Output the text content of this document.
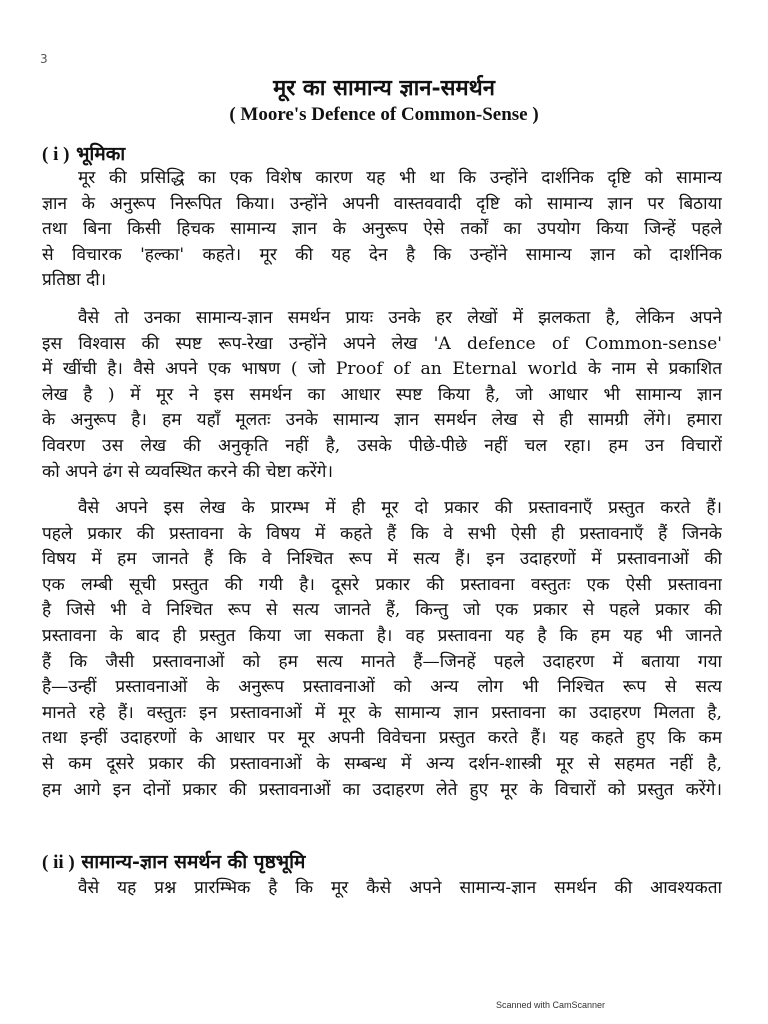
3
मूर का सामान्य ज्ञान-समर्थन
( Moore's Defence of Common-Sense )
( i ) भूमिका
मूर की प्रसिद्धि का एक विशेष कारण यह भी था कि उन्होंने दार्शनिक दृष्टि को सामान्य
ज्ञान के अनुरूप निरूपित किया। उन्होंने अपनी वास्तववादी दृष्टि को सामान्य ज्ञान पर बिठाया
तथा बिना किसी हिचक सामान्य ज्ञान के अनुरूप ऐसे तर्कों का उपयोग किया जिन्हें पहले
से विचारक 'हल्का' कहते। मूर की यह देन है कि उन्होंने सामान्य ज्ञान को दार्शनिक
प्रतिष्ठा दी।
वैसे तो उनका सामान्य-ज्ञान समर्थन प्रायः उनके हर लेखों में झलकता है, लेकिन अपने
इस विश्वास की स्पष्ट रूप-रेखा उन्होंने अपने लेख 'A defence of Common-sense'
में खींची है। वैसे अपने एक भाषण ( जो Proof of an Eternal world के नाम से प्रकाशित
लेख है ) में मूर ने इस समर्थन का आधार स्पष्ट किया है, जो आधार भी सामान्य ज्ञान
के अनुरूप है। हम यहाँ मूलतः उनके सामान्य ज्ञान समर्थन लेख से ही सामग्री लेंगे। हमारा
विवरण उस लेख की अनुकृति नहीं है, उसके पीछे-पीछे नहीं चल रहा। हम उन विचारों
को अपने ढंग से व्यवस्थित करने की चेष्टा करेंगे।
वैसे अपने इस लेख के प्रारम्भ में ही मूर दो प्रकार की प्रस्तावनाएँ प्रस्तुत करते हैं।
पहले प्रकार की प्रस्तावना के विषय में कहते हैं कि वे सभी ऐसी ही प्रस्तावनाएँ हैं जिनके
विषय में हम जानते हैं कि वे निश्चित रूप में सत्य हैं। इन उदाहरणों में प्रस्तावनाओं की
एक लम्बी सूची प्रस्तुत की गयी है। दूसरे प्रकार की प्रस्तावना वस्तुतः एक ऐसी प्रस्तावना
है जिसे भी वे निश्चित रूप से सत्य जानते हैं, किन्तु जो एक प्रकार से पहले प्रकार की
प्रस्तावना के बाद ही प्रस्तुत किया जा सकता है। वह प्रस्तावना यह है कि हम यह भी जानते
हैं कि जैसी प्रस्तावनाओं को हम सत्य मानते हैं—जिनहें पहले उदाहरण में बताया गया
है—उन्हीं प्रस्तावनाओं के अनुरूप प्रस्तावनाओं को अन्य लोग भी निश्चित रूप से सत्य
मानते रहे हैं। वस्तुतः इन प्रस्तावनाओं में मूर के सामान्य ज्ञान प्रस्तावना का उदाहरण मिलता है,
तथा इन्हीं उदाहरणों के आधार पर मूर अपनी विवेचना प्रस्तुत करते हैं। यह कहते हुए कि कम
से कम दूसरे प्रकार की प्रस्तावनाओं के सम्बन्ध में अन्य दर्शन-शास्त्री मूर से सहमत नहीं है,
हम आगे इन दोनों प्रकार की प्रस्तावनाओं का उदाहरण लेते हुए मूर के विचारों को प्रस्तुत करेंगे।
( ii ) सामान्य-ज्ञान समर्थन की पृष्ठभूमि
वैसे यह प्रश्न प्रारम्भिक है कि मूर कैसे अपने सामान्य-ज्ञान समर्थन की आवश्यकता
Scanned with CamScanner
